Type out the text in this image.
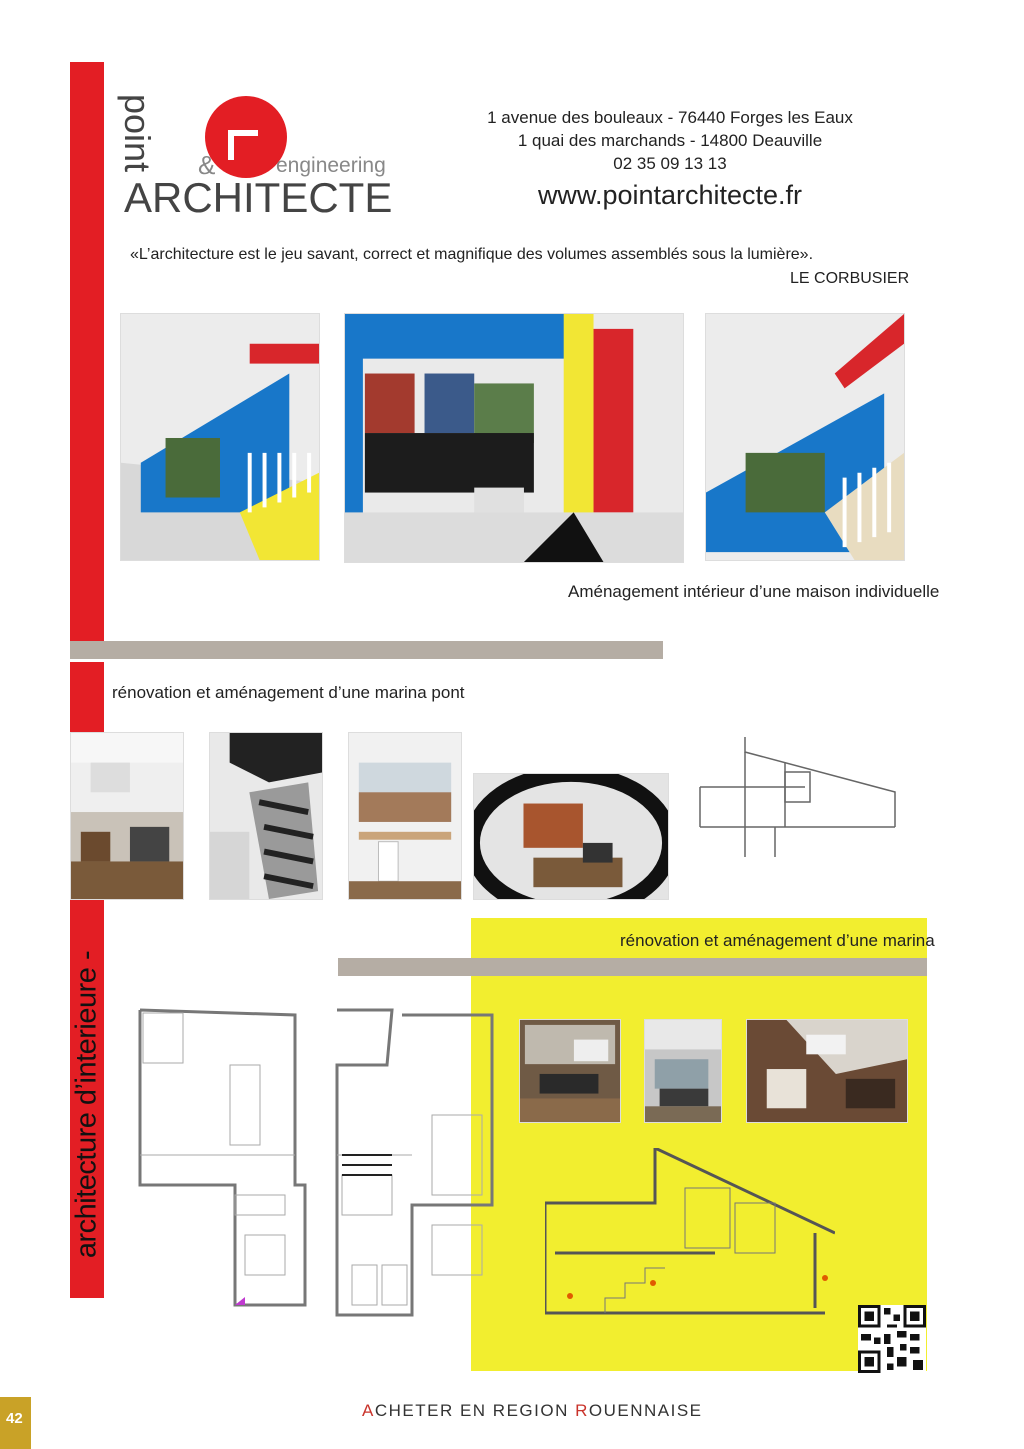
architecture d’interieure -
point &	engineering
ARCHITECTE
1 avenue des bouleaux - 76440 Forges les Eaux
1 quai des marchands - 14800 Deauville
02 35 09 13 13
www.pointarchitecte.fr
«L’architecture est le jeu savant, correct et magnifique des volumes assemblés sous la lumière».
LE CORBUSIER
Aménagement intérieur d’une maison individuelle
rénovation et aménagement d’une marina pont
rénovation et aménagement d’une marina
42	ACHETER EN REGION ROUENNAISE
